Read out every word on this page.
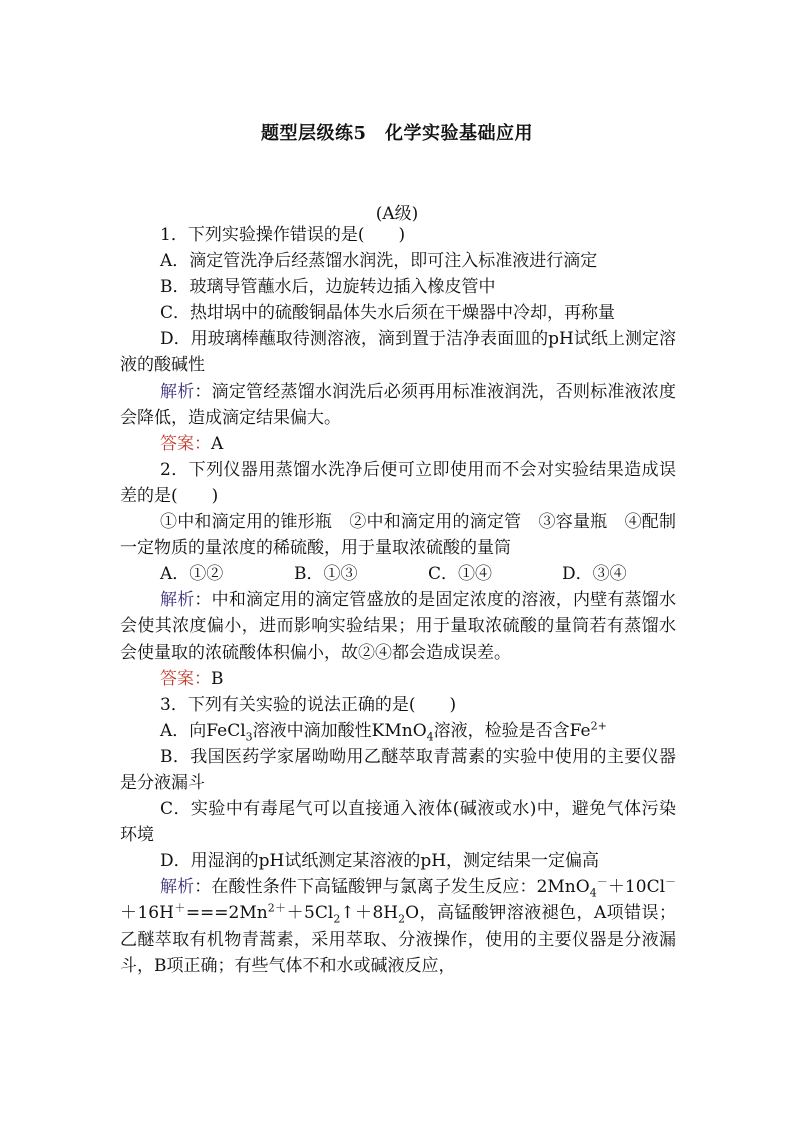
题型层级练5　化学实验基础应用
(A级)

1．下列实验操作错误的是(　　)

A．滴定管洗净后经蒸馏水润洗，即可注入标准液进行滴定

B．玻璃导管蘸水后，边旋转边插入橡皮管中

C．热坩埚中的硫酸铜晶体失水后须在干燥器中冷却，再称量

D．用玻璃棒蘸取待测溶液，滴到置于洁净表面皿的pH试纸上测定溶液的酸碱性

解析：滴定管经蒸馏水润洗后必须再用标准液润洗，否则标准液浓度会降低，造成滴定结果偏大。

答案：A

2．下列仪器用蒸馏水洗净后便可立即使用而不会对实验结果造成误差的是(　　)

①中和滴定用的锥形瓶　②中和滴定用的滴定管　③容量瓶　④配制一定物质的量浓度的稀硫酸，用于量取浓硫酸的量筒

A．①②	B．①③	C．①④	D．③④

解析：中和滴定用的滴定管盛放的是固定浓度的溶液，内壁有蒸馏水会使其浓度偏小，进而影响实验结果；用于量取浓硫酸的量筒若有蒸馏水会使量取的浓硫酸体积偏小，故②④都会造成误差。

答案：B

3．下列有关实验的说法正确的是(　　)

A．向FeCl$_3$溶液中滴加酸性KMnO$_4$溶液，检验是否含$Fe^{2+}$

B．我国医药学家屠呦呦用乙醚萃取青蒿素的实验中使用的主要仪器是分液漏斗

C．实验中有毒尾气可以直接通入液体(碱液或水)中，避免气体污染环境

D．用湿润的pH试纸测定某溶液的pH，测定结果一定偏高

解析：在酸性条件下高锰酸钾与氯离子发生反应：$2MnO_4^-+10Cl^-+16H^+===2Mn^{2+}+5Cl_2↑+8H_2O$，高锰酸钾溶液褪色，A项错误；乙醚萃取有机物青蒿素，采用萃取、分液操作，使用的主要仪器是分液漏斗，B项正确；有些气体不和水或碱液反应，
